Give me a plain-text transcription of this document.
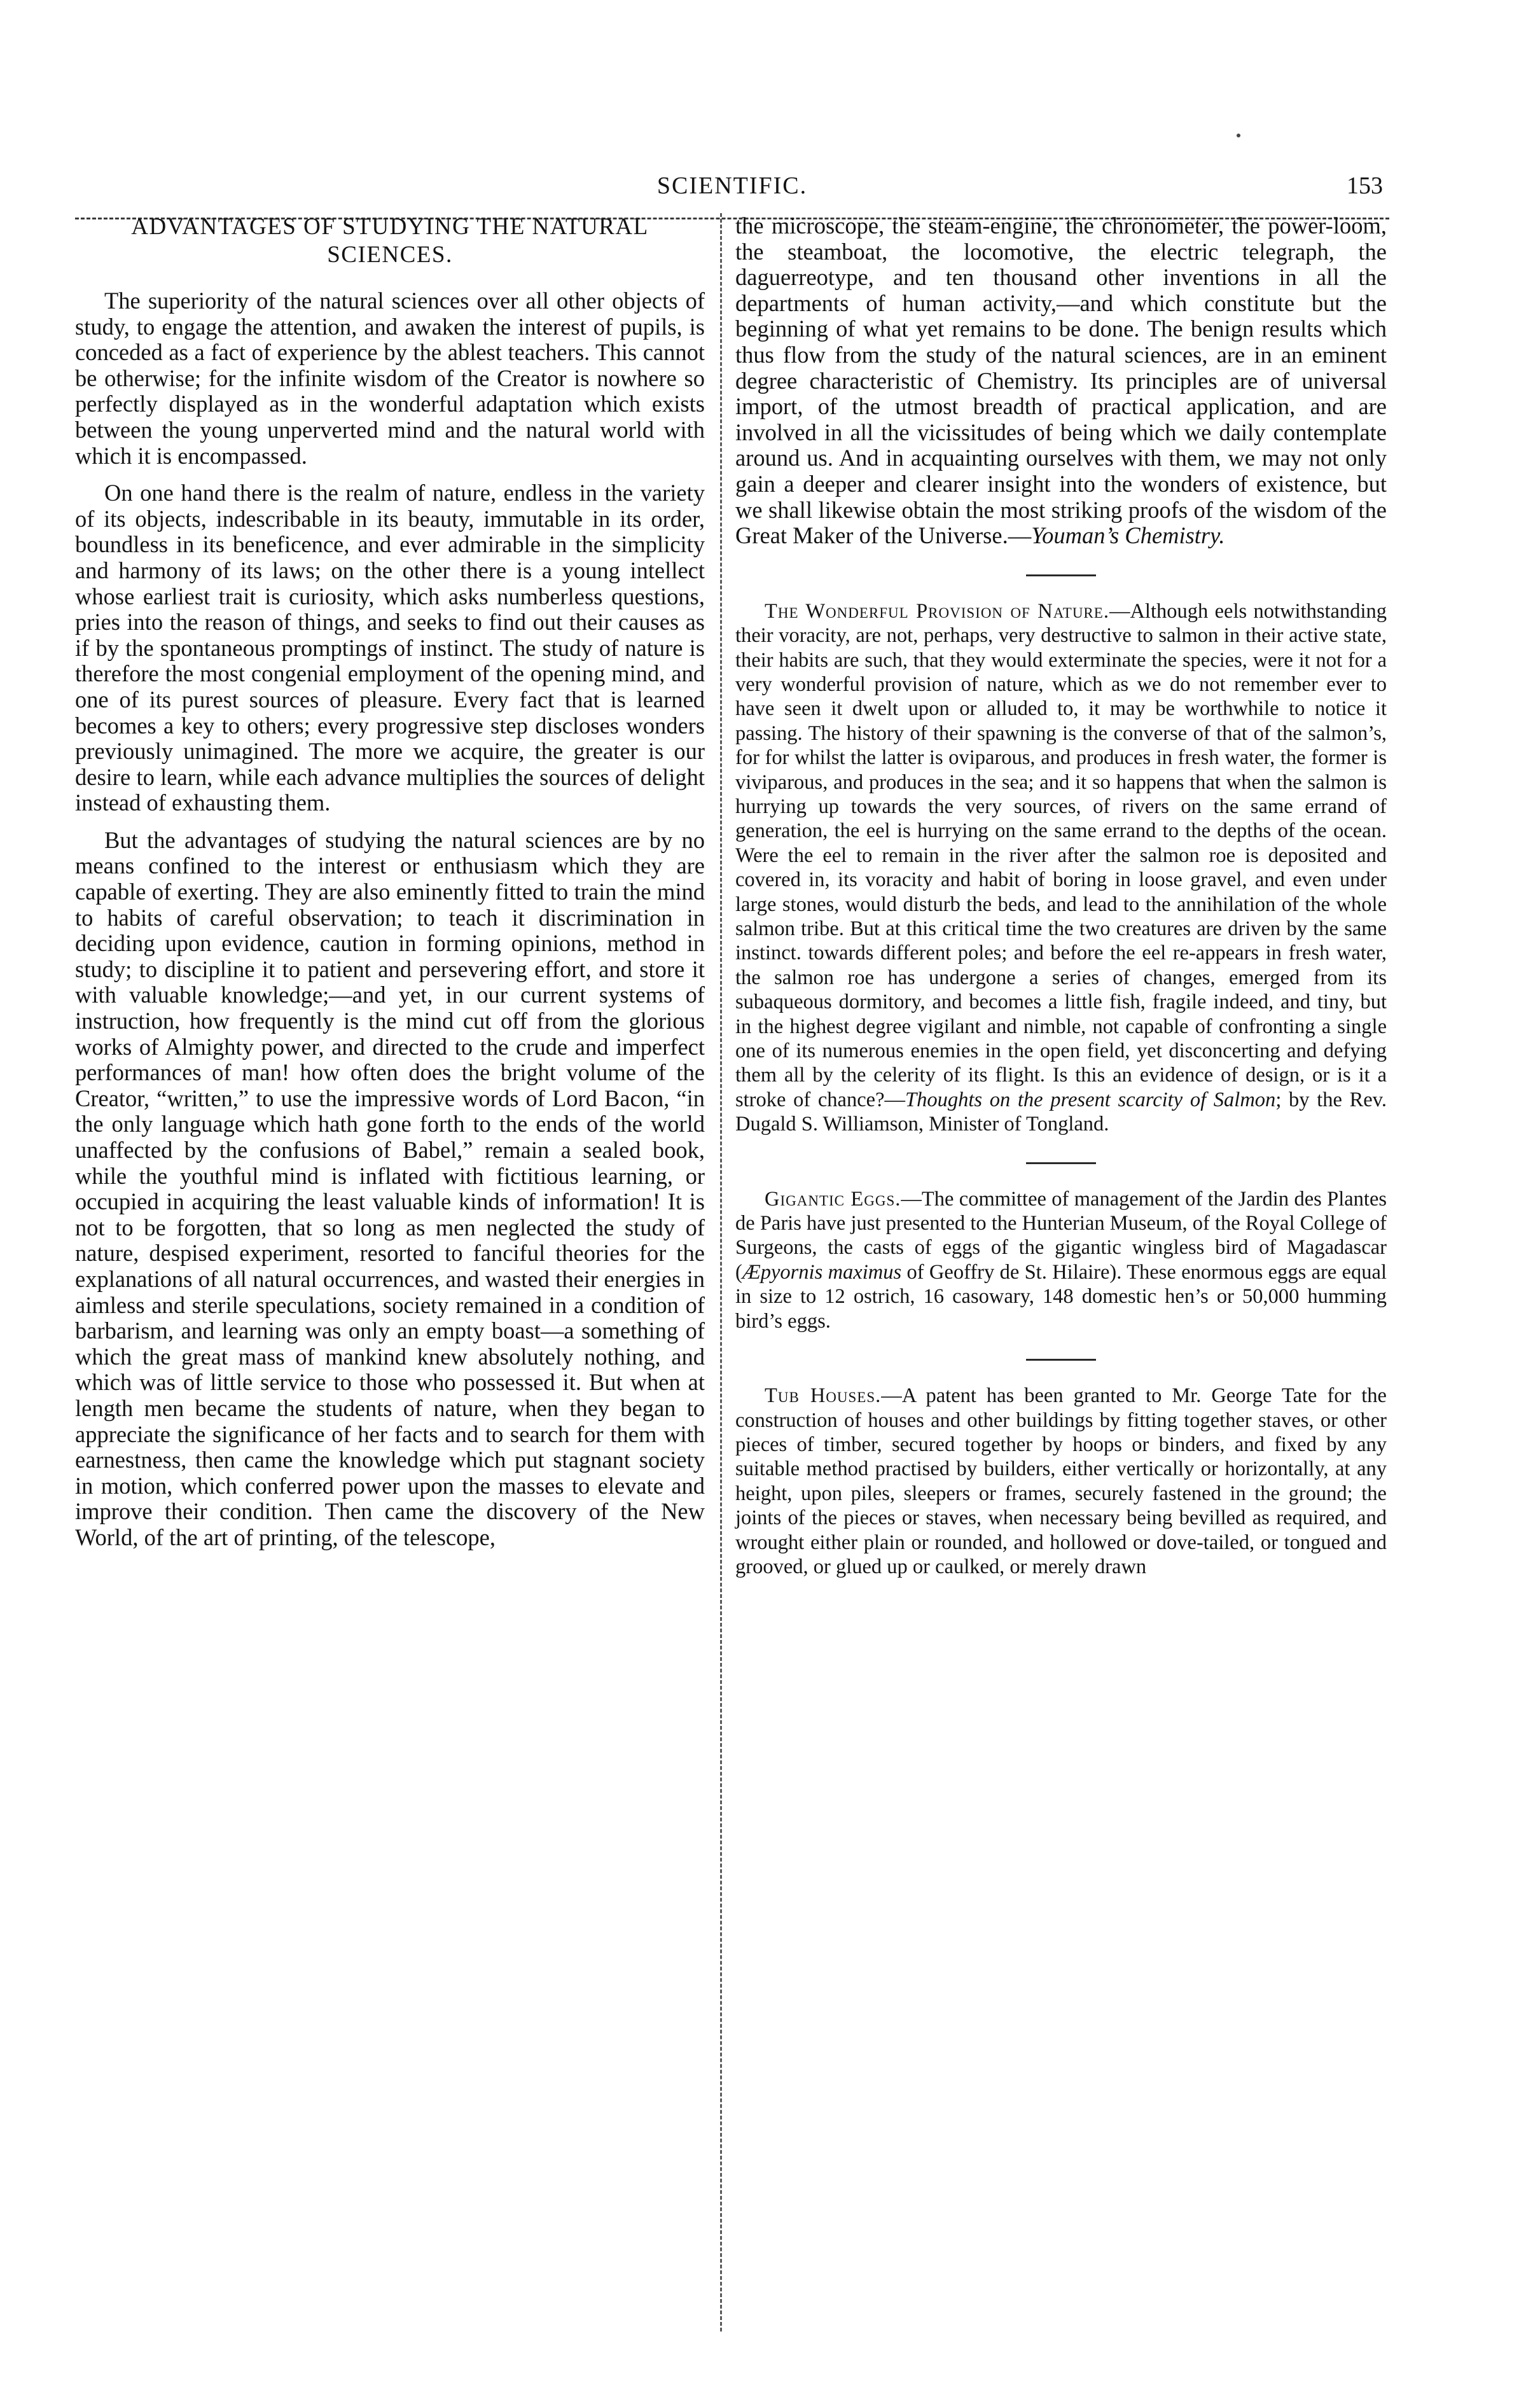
SCIENTIFIC.	153
ADVANTAGES OF STUDYING THE NATURAL
SCIENCES.

The superiority of the natural sciences over all other objects of study, to engage the attention, and awaken the interest of pupils, is conceded as a fact of experience by the ablest teachers. This cannot be otherwise; for the infinite wisdom of the Creator is nowhere so perfectly displayed as in the wonderful adaptation which exists between the young unperverted mind and the natural world with which it is encompassed.

On one hand there is the realm of nature, endless in the variety of its objects, indescribable in its beauty, immutable in its order, boundless in its beneficence, and ever admirable in the simplicity and harmony of its laws; on the other there is a young intellect whose earliest trait is curiosity, which asks numberless questions, pries into the reason of things, and seeks to find out their causes as if by the spontaneous promptings of instinct. The study of nature is therefore the most congenial employment of the opening mind, and one of its purest sources of pleasure. Every fact that is learned becomes a key to others; every progressive step discloses wonders previously unimagined. The more we acquire, the greater is our desire to learn, while each advance multiplies the sources of delight instead of exhausting them.

But the advantages of studying the natural sciences are by no means confined to the interest or enthusiasm which they are capable of exerting. They are also eminently fitted to train the mind to habits of careful observation; to teach it discrimination in deciding upon evidence, caution in forming opinions, method in study; to discipline it to patient and persevering effort, and store it with valuable knowledge;—and yet, in our current systems of instruction, how frequently is the mind cut off from the glorious works of Almighty power, and directed to the crude and imperfect performances of man! how often does the bright volume of the Creator, “written,” to use the impressive words of Lord Bacon, “in the only language which hath gone forth to the ends of the world unaffected by the confusions of Babel,” remain a sealed book, while the youthful mind is inflated with fictitious learning, or occupied in acquiring the least valuable kinds of information! It is not to be forgotten, that so long as men neglected the study of nature, despised experiment, resorted to fanciful theories for the explanations of all natural occurrences, and wasted their energies in aimless and sterile speculations, society remained in a condition of barbarism, and learning was only an empty boast—a something of which the great mass of mankind knew absolutely nothing, and which was of little service to those who possessed it. But when at length men became the students of nature, when they began to appreciate the significance of her facts and to search for them with earnestness, then came the knowledge which put stagnant society in motion, which conferred power upon the masses to elevate and improve their condition. Then came the discovery of the New World, of the art of printing, of the telescope,

the microscope, the steam-engine, the chronometer, the power-loom, the steamboat, the locomotive, the electric telegraph, the daguerreotype, and ten thousand other inventions in all the departments of human activity,—and which constitute but the beginning of what yet remains to be done. The benign results which thus flow from the study of the natural sciences, are in an eminent degree characteristic of Chemistry. Its principles are of universal import, of the utmost breadth of practical application, and are involved in all the vicissitudes of being which we daily contemplate around us. And in acquainting ourselves with them, we may not only gain a deeper and clearer insight into the wonders of existence, but we shall likewise obtain the most striking proofs of the wisdom of the Great Maker of the Universe.—Youman’s Chemistry.

The Wonderful Provision of Nature.—Although eels notwithstanding their voracity, are not, perhaps, very destructive to salmon in their active state, their habits are such, that they would exterminate the species, were it not for a very wonderful provision of nature, which as we do not remember ever to have seen it dwelt upon or alluded to, it may be worthwhile to notice it passing. The history of their spawning is the converse of that of the salmon’s, for for whilst the latter is oviparous, and produces in fresh water, the former is viviparous, and produces in the sea; and it so happens that when the salmon is hurrying up towards the very sources, of rivers on the same errand of generation, the eel is hurrying on the same errand to the depths of the ocean. Were the eel to remain in the river after the salmon roe is deposited and covered in, its voracity and habit of boring in loose gravel, and even under large stones, would disturb the beds, and lead to the annihilation of the whole salmon tribe. But at this critical time the two creatures are driven by the same instinct. towards different poles; and before the eel re-appears in fresh water, the salmon roe has undergone a series of changes, emerged from its subaqueous dormitory, and becomes a little fish, fragile indeed, and tiny, but in the highest degree vigilant and nimble, not capable of confronting a single one of its numerous enemies in the open field, yet disconcerting and defying them all by the celerity of its flight. Is this an evidence of design, or is it a stroke of chance?—Thoughts on the present scarcity of Salmon; by the Rev. Dugald S. Williamson, Minister of Tongland.

Gigantic Eggs.—The committee of management of the Jardin des Plantes de Paris have just presented to the Hunterian Museum, of the Royal College of Surgeons, the casts of eggs of the gigantic wingless bird of Magadascar (Æpyornis maximus of Geoffry de St. Hilaire). These enormous eggs are equal in size to 12 ostrich, 16 casowary, 148 domestic hen’s or 50,000 humming bird’s eggs.

Tub Houses.—A patent has been granted to Mr. George Tate for the construction of houses and other buildings by fitting together staves, or other pieces of timber, secured together by hoops or binders, and fixed by any suitable method practised by builders, either vertically or horizontally, at any height, upon piles, sleepers or frames, securely fastened in the ground; the joints of the pieces or staves, when necessary being bevilled as required, and wrought either plain or rounded, and hollowed or dove-tailed, or tongued and grooved, or glued up or caulked, or merely drawn
